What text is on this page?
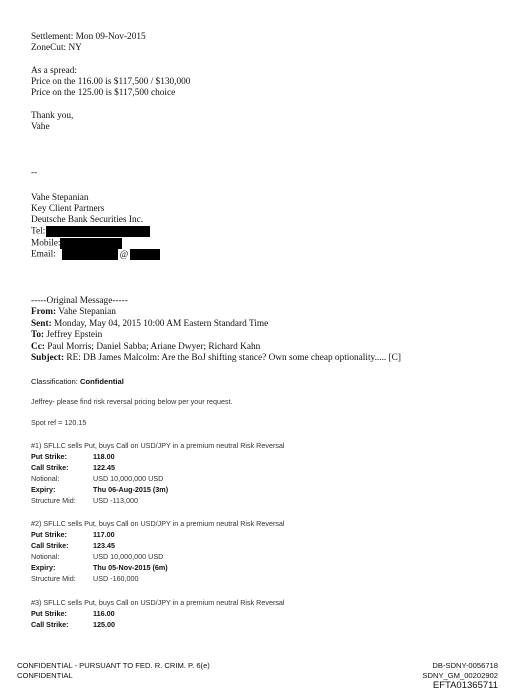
Settlement: Mon 09-Nov-2015
ZoneCut: NY
As a spread:
Price on the 116.00 is $117,500 / $130,000
Price on the 125.00 is $117,500 choice
Thank you,
Vahe
--
Vahe Stepanian
Key Client Partners
Deutsche Bank Securities Inc.
Tel:
Mobile:
Email:	@
-----Original Message-----
From: Vahe Stepanian
Sent: Monday, May 04, 2015 10:00 AM Eastern Standard Time
To: Jeffrey Epstein
Cc: Paul Morris; Daniel Sabba; Ariane Dwyer; Richard Kahn
Subject: RE: DB James Malcolm: Are the BoJ shifting stance? Own some cheap optionality..... [C]
Classification: Confidential
Jeffrey- please find risk reversal pricing below per your request.
Spot ref = 120.15
#1) SFLLC sells Put, buys Call on USD/JPY in a premium neutral Risk Reversal
Put Strike:	118.00
Call Strike:	122.45
Notional:	USD 10,000,000 USD
Expiry:	Thu 06-Aug-2015 (3m)
Structure Mid: USD -113,000
#2) SFLLC sells Put, buys Call on USD/JPY in a premium neutral Risk Reversal
Put Strike:	117.00
Call Strike:	123.45
Notional:	USD 10,000,000 USD
Expiry:	Thu 05-Nov-2015 (6m)
Structure Mid: USD -160,000
#3) SFLLC sells Put, buys Call on USD/JPY in a premium neutral Risk Reversal
Put Strike:	116.00
Call Strike:	125.00
CONFIDENTIAL - PURSUANT TO FED. R. CRIM. P. 6(e)
CONFIDENTIAL
DB-SDNY-0056718
SDNY_GM_00202902
EFTA01365711
